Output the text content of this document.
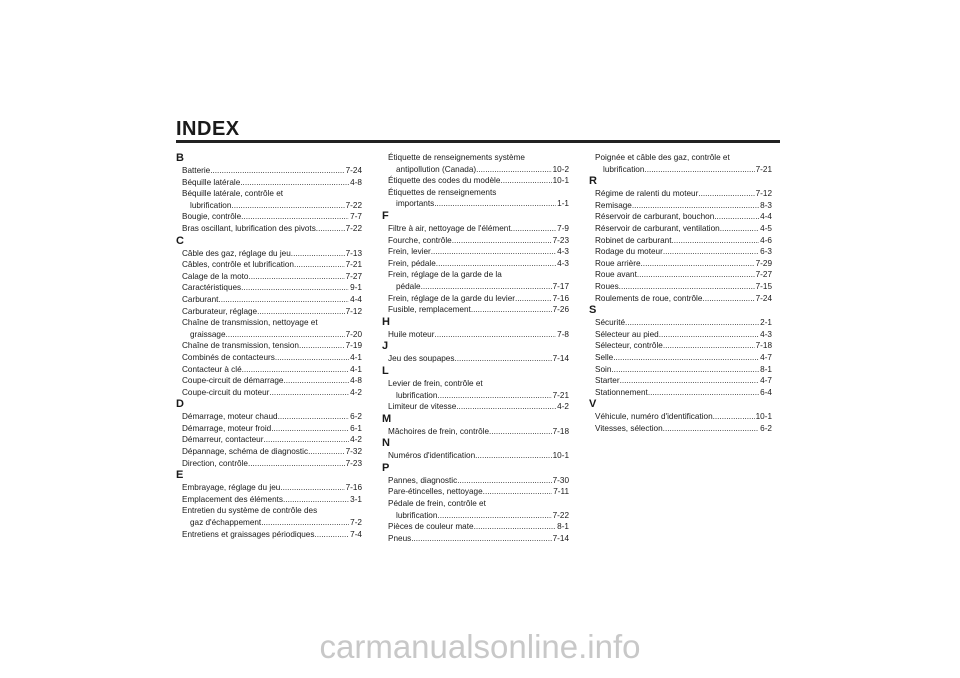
INDEX
B
Batterie .....	7-24
Béquille latérale .....	4-8
Béquille latérale, contrôle et
lubrification .....	7-22
Bougie, contrôle .....	7-7
Bras oscillant, lubrification des pivots .....	7-22
C
Câble des gaz, réglage du jeu .....	7-13
Câbles, contrôle et lubrification .....	7-21
Calage de la moto .....	7-27
Caractéristiques .....	9-1
Carburant .....	4-4
Carburateur, réglage .....	7-12
Chaîne de transmission, nettoyage et
graissage .....	7-20
Chaîne de transmission, tension .....	7-19
Combinés de contacteurs .....	4-1
Contacteur à clé .....	4-1
Coupe-circuit de démarrage .....	4-8
Coupe-circuit du moteur .....	4-2
D
Démarrage, moteur chaud .....	6-2
Démarrage, moteur froid .....	6-1
Démarreur, contacteur .....	4-2
Dépannage, schéma de diagnostic .....	7-32
Direction, contrôle .....	7-23
E
Embrayage, réglage du jeu .....	7-16
Emplacement des éléments .....	3-1
Entretien du système de contrôle des
gaz d'échappement .....	7-2
Entretiens et graissages périodiques .....	7-4
Étiquette de renseignements système
antipollution (Canada) .....	10-2
Étiquette des codes du modèle .....	10-1
Étiquettes de renseignements
importants .....	1-1
F
Filtre à air, nettoyage de l'élément .....	7-9
Fourche, contrôle .....	7-23
Frein, levier .....	4-3
Frein, pédale .....	4-3
Frein, réglage de la garde de la
pédale .....	7-17
Frein, réglage de la garde du levier .....	7-16
Fusible, remplacement .....	7-26
H
Huile moteur .....	7-8
J
Jeu des soupapes .....	7-14
L
Levier de frein, contrôle et
lubrification .....	7-21
Limiteur de vitesse .....	4-2
M
Mâchoires de frein, contrôle .....	7-18
N
Numéros d'identification .....	10-1
P
Pannes, diagnostic .....	7-30
Pare-étincelles, nettoyage .....	7-11
Pédale de frein, contrôle et
lubrification .....	7-22
Pièces de couleur mate .....	8-1
Pneus .....	7-14
Poignée et câble des gaz, contrôle et
lubrification .....	7-21
R
Régime de ralenti du moteur .....	7-12
Remisage .....	8-3
Réservoir de carburant, bouchon .....	4-4
Réservoir de carburant, ventilation .....	4-5
Robinet de carburant .....	4-6
Rodage du moteur .....	6-3
Roue arrière .....	7-29
Roue avant .....	7-27
Roues .....	7-15
Roulements de roue, contrôle .....	7-24
S
Sécurité .....	2-1
Sélecteur au pied .....	4-3
Sélecteur, contrôle .....	7-18
Selle .....	4-7
Soin .....	8-1
Starter .....	4-7
Stationnement .....	6-4
V
Véhicule, numéro d'identification .....	10-1
Vitesses, sélection .....	6-2
carmanualsonline.info
